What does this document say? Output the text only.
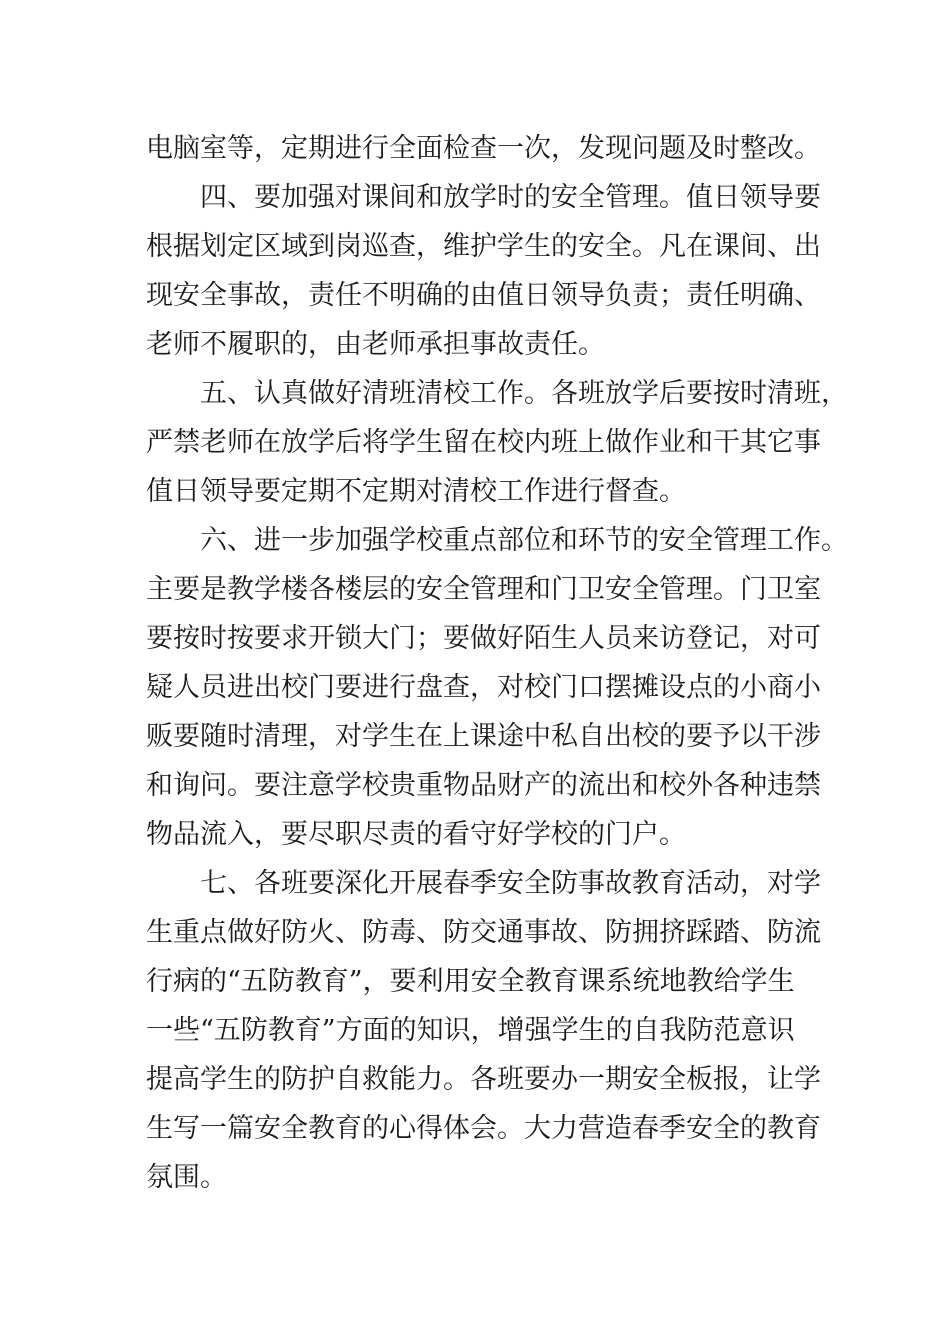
电脑室等，定期进行全面检查一次，发现问题及时整改。
四、要加强对课间和放学时的安全管理。值日领导要
根据划定区域到岗巡查，维护学生的安全。凡在课间、出
现安全事故，责任不明确的由值日领导负责；责任明确、
老师不履职的，由老师承担事故责任。
五、认真做好清班清校工作。各班放学后要按时清班，
严禁老师在放学后将学生留在校内班上做作业和干其它事
值日领导要定期不定期对清校工作进行督查。
六、进一步加强学校重点部位和环节的安全管理工作。
主要是教学楼各楼层的安全管理和门卫安全管理。门卫室
要按时按要求开锁大门；要做好陌生人员来访登记，对可
疑人员进出校门要进行盘查，对校门口摆摊设点的小商小
贩要随时清理，对学生在上课途中私自出校的要予以干涉
和询问。要注意学校贵重物品财产的流出和校外各种违禁
物品流入，要尽职尽责的看守好学校的门户。
七、各班要深化开展春季安全防事故教育活动，对学
生重点做好防火、防毒、防交通事故、防拥挤踩踏、防流
行病的“五防教育”，要利用安全教育课系统地教给学生
一些“五防教育”方面的知识，增强学生的自我防范意识
提高学生的防护自救能力。各班要办一期安全板报，让学
生写一篇安全教育的心得体会。大力营造春季安全的教育
氛围。
